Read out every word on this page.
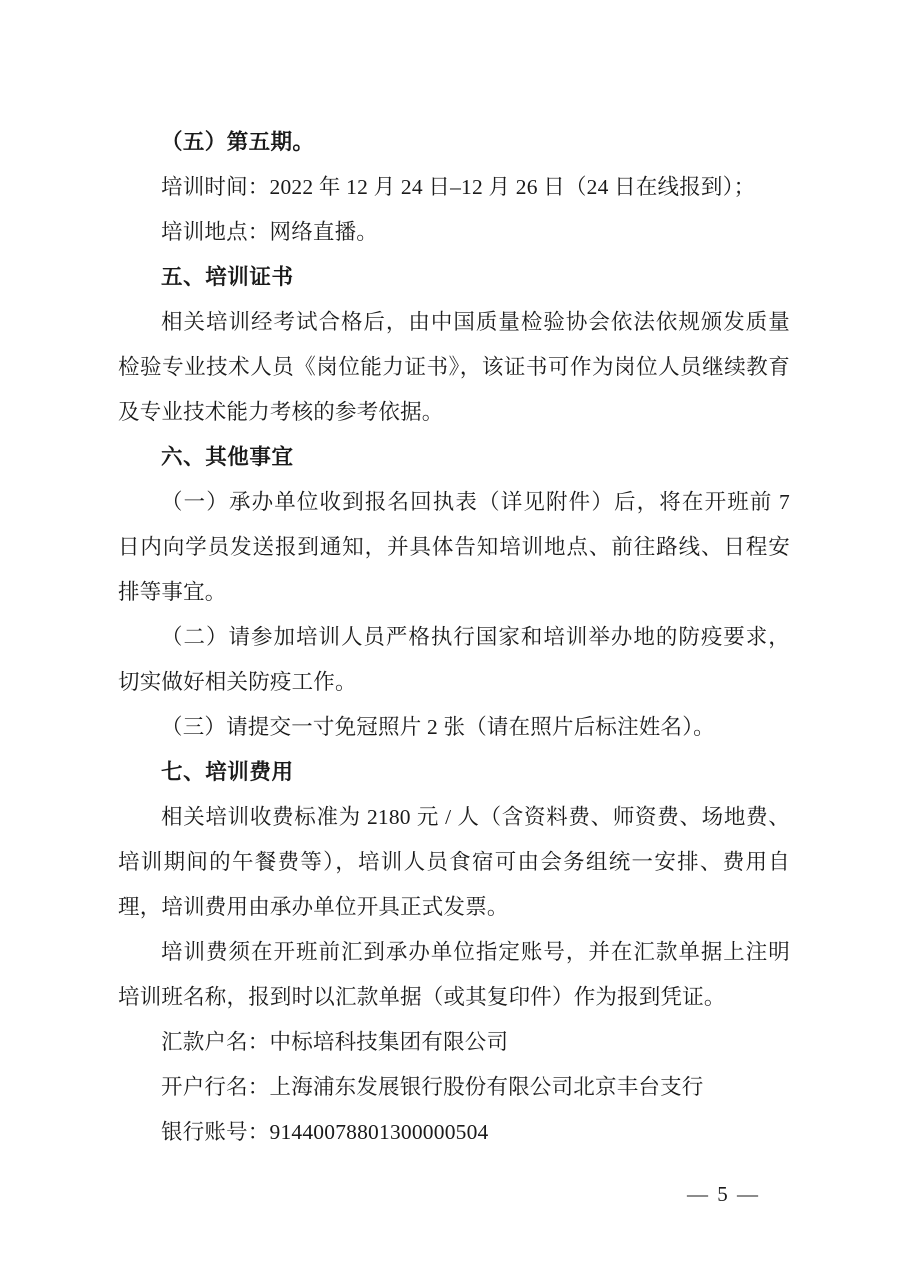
（五）第五期。
培训时间：2022 年 12 月 24 日–12 月 26 日（24 日在线报到）；
培训地点：网络直播。
五、培训证书
相关培训经考试合格后，由中国质量检验协会依法依规颁发质量检验专业技术人员《岗位能力证书》，该证书可作为岗位人员继续教育及专业技术能力考核的参考依据。
六、其他事宜
（一）承办单位收到报名回执表（详见附件）后，将在开班前 7 日内向学员发送报到通知，并具体告知培训地点、前往路线、日程安排等事宜。
（二）请参加培训人员严格执行国家和培训举办地的防疫要求，切实做好相关防疫工作。
（三）请提交一寸免冠照片 2 张（请在照片后标注姓名）。
七、培训费用
相关培训收费标准为 2180 元 / 人（含资料费、师资费、场地费、培训期间的午餐费等），培训人员食宿可由会务组统一安排、费用自理，培训费用由承办单位开具正式发票。
培训费须在开班前汇到承办单位指定账号，并在汇款单据上注明培训班名称，报到时以汇款单据（或其复印件）作为报到凭证。
汇款户名：中标培科技集团有限公司
开户行名：上海浦东发展银行股份有限公司北京丰台支行
银行账号：91440078801300000504
— 5 —
